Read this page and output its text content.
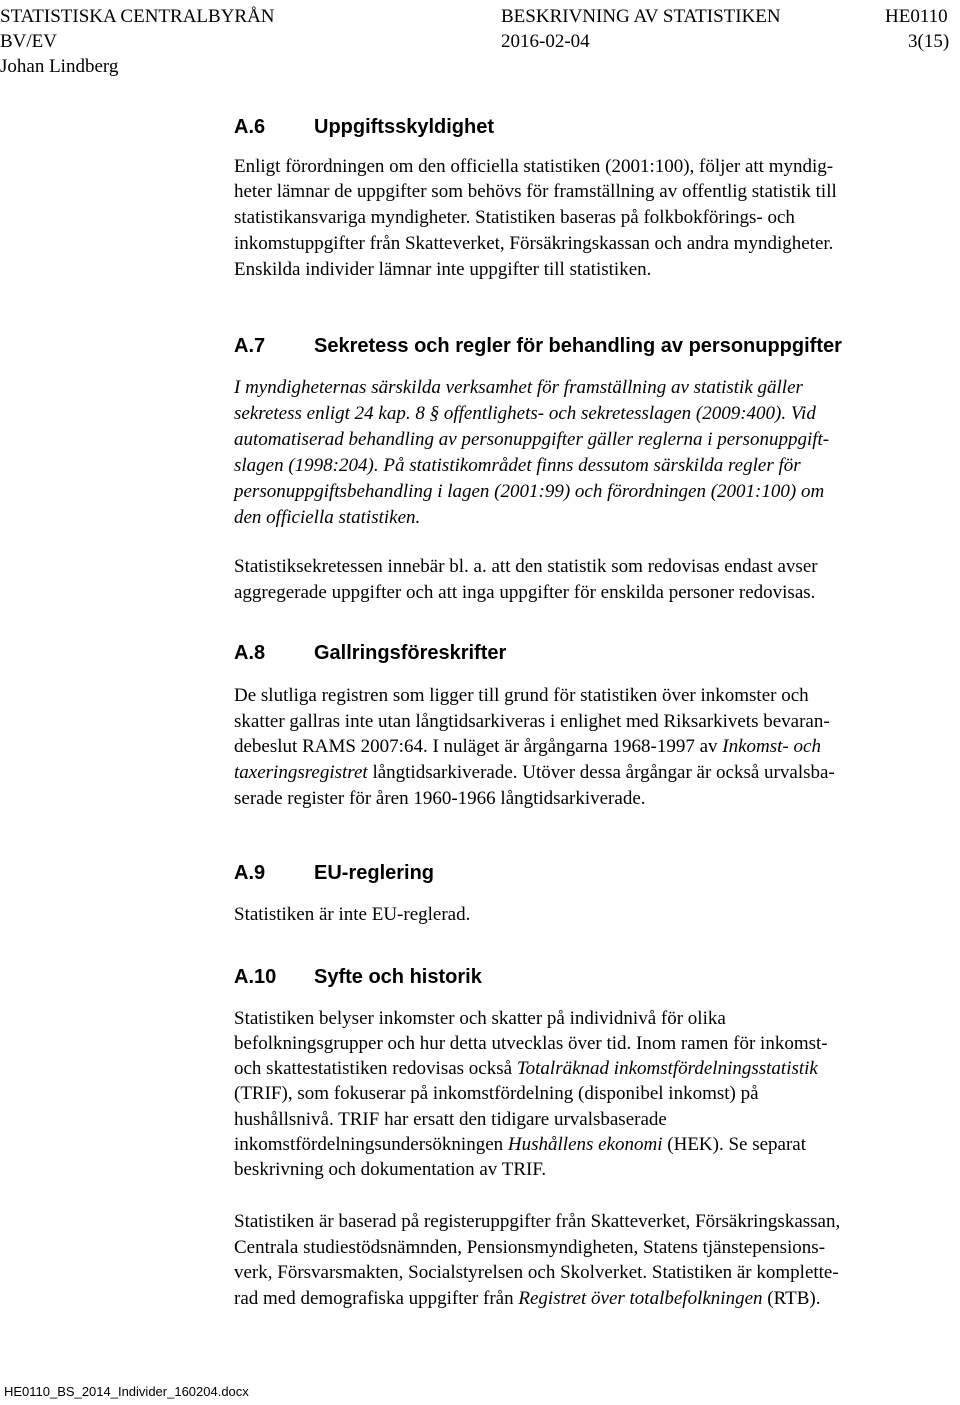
STATISTISKA CENTRALBYRÅN	BESKRIVNING AV STATISTIKEN	HE0110
BV/EV	2016-02-04	3(15)
Johan Lindberg
A.6 Uppgiftsskyldighet
Enligt förordningen om den officiella statistiken (2001:100), följer att myndig-
heter lämnar de uppgifter som behövs för framställning av offentlig statistik till
statistikansvariga myndigheter. Statistiken baseras på folkbokförings- och
inkomstuppgifter från Skatteverket, Försäkringskassan och andra myndigheter.
Enskilda individer lämnar inte uppgifter till statistiken.
A.7 Sekretess och regler för behandling av personuppgifter
I myndigheternas särskilda verksamhet för framställning av statistik gäller
sekretess enligt 24 kap. 8 § offentlighets- och sekretesslagen (2009:400). Vid
automatiserad behandling av personuppgifter gäller reglerna i personuppgift-
slagen (1998:204). På statistikområdet finns dessutom särskilda regler för
personuppgiftsbehandling i lagen (2001:99) och förordningen (2001:100) om
den officiella statistiken.
Statistiksekretessen innebär bl. a. att den statistik som redovisas endast avser
aggregerade uppgifter och att inga uppgifter för enskilda personer redovisas.
A.8 Gallringsföreskrifter
De slutliga registren som ligger till grund för statistiken över inkomster och
skatter gallras inte utan långtidsarkiveras i enlighet med Riksarkivets bevaran-
debeslut RAMS 2007:64. I nuläget är årgångarna 1968-1997 av Inkomst- och
taxeringsregistret långtidsarkiverade. Utöver dessa årgångar är också urvalsba-
serade register för åren 1960-1966 långtidsarkiverade.
A.9 EU-reglering
Statistiken är inte EU-reglerad.
A.10 Syfte och historik
Statistiken belyser inkomster och skatter på individnivå för olika
befolkningsgrupper och hur detta utvecklas över tid. Inom ramen för inkomst-
och skattestatistiken redovisas också Totalräknad inkomstfördelningsstatistik
(TRIF), som fokuserar på inkomstfördelning (disponibel inkomst) på
hushållsnivå. TRIF har ersatt den tidigare urvalsbaserade
inkomstfördelningsundersökningen Hushållens ekonomi (HEK). Se separat
beskrivning och dokumentation av TRIF.
Statistiken är baserad på registeruppgifter från Skatteverket, Försäkringskassan,
Centrala studiestödsnämnden, Pensionsmyndigheten, Statens tjänstepensions-
verk, Försvarsmakten, Socialstyrelsen och Skolverket. Statistiken är komplette-
rad med demografiska uppgifter från Registret över totalbefolkningen (RTB).
HE0110_BS_2014_Individer_160204.docx
